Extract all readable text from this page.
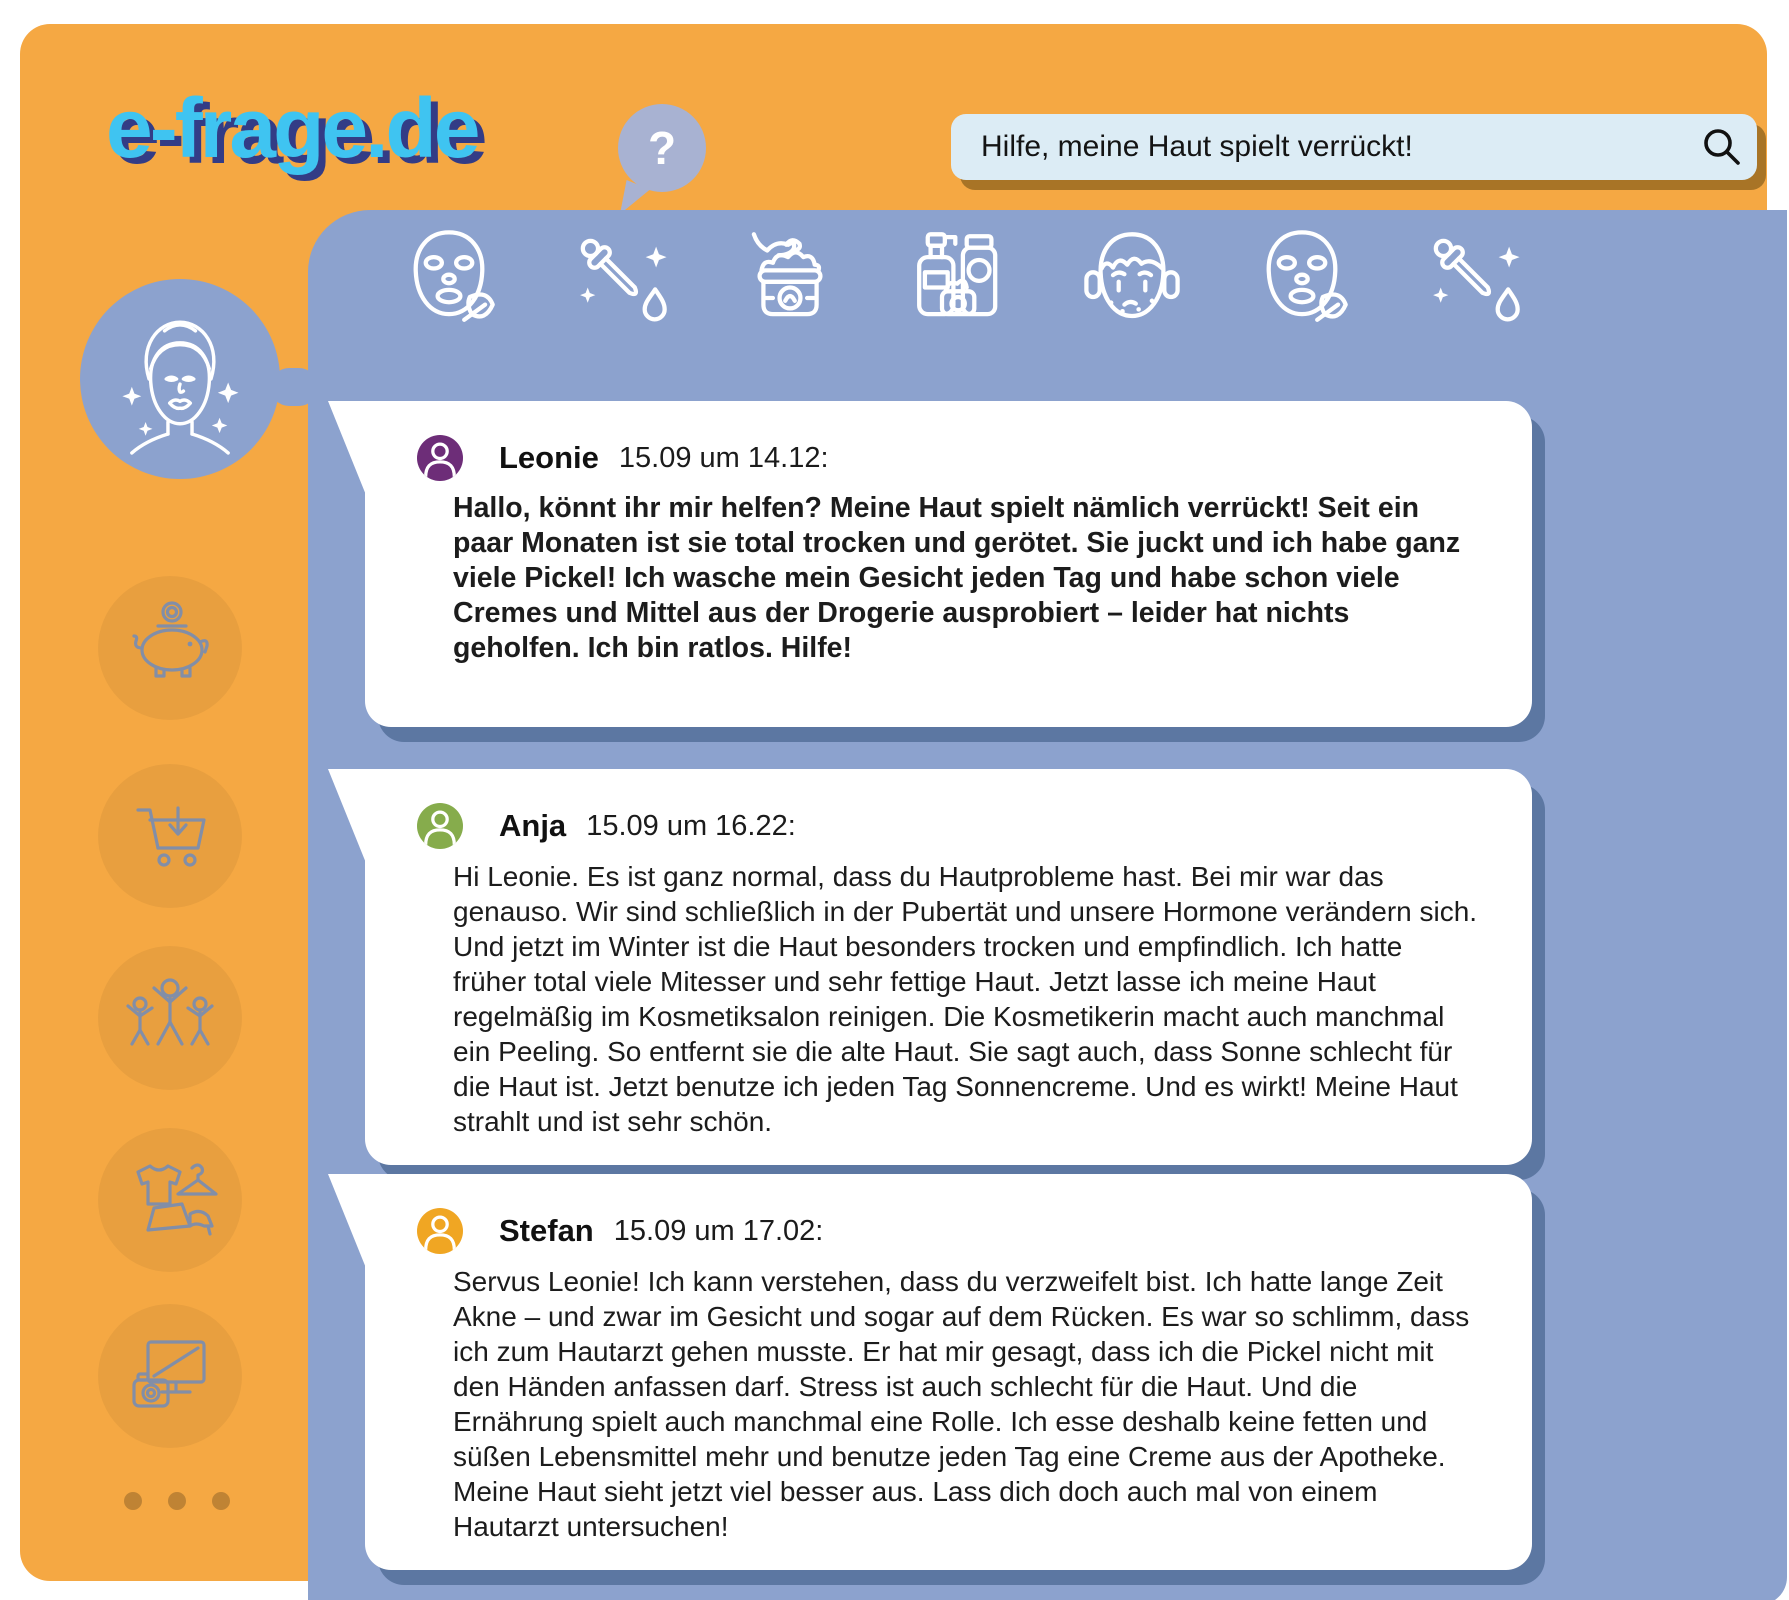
e-frage.de	?
Hilfe, meine Haut spielt verrückt!
Leonie 15.09 um 14.12:
Hallo, könnt ihr mir helfen? Meine Haut spielt nämlich verrückt! Seit ein paar Monaten ist sie total trocken und gerötet. Sie juckt und ich habe ganz viele Pickel! Ich wasche mein Gesicht jeden Tag und habe schon viele Cremes und Mittel aus der Drogerie ausprobiert – leider hat nichts geholfen. Ich bin ratlos. Hilfe!
Anja 15.09 um 16.22:
Hi Leonie. Es ist ganz normal, dass du Hautprobleme hast. Bei mir war das genauso. Wir sind schließlich in der Pubertät und unsere Hormone verändern sich. Und jetzt im Winter ist die Haut besonders trocken und empfindlich. Ich hatte früher total viele Mitesser und sehr fettige Haut. Jetzt lasse ich meine Haut regelmäßig im Kosmetiksalon reinigen. Die Kosmetikerin macht auch manchmal ein Peeling. So entfernt sie die alte Haut. Sie sagt auch, dass Sonne schlecht für die Haut ist. Jetzt benutze ich jeden Tag Sonnencreme. Und es wirkt! Meine Haut strahlt und ist sehr schön.
Stefan 15.09 um 17.02:
Servus Leonie! Ich kann verstehen, dass du verzweifelt bist. Ich hatte lange Zeit Akne – und zwar im Gesicht und sogar auf dem Rücken. Es war so schlimm, dass ich zum Hautarzt gehen musste. Er hat mir gesagt, dass ich die Pickel nicht mit den Händen anfassen darf. Stress ist auch schlecht für die Haut. Und die Ernährung spielt auch manchmal eine Rolle. Ich esse deshalb keine fetten und süßen Lebensmittel mehr und benutze jeden Tag eine Creme aus der Apotheke. Meine Haut sieht jetzt viel besser aus. Lass dich doch auch mal von einem Hautarzt untersuchen!
